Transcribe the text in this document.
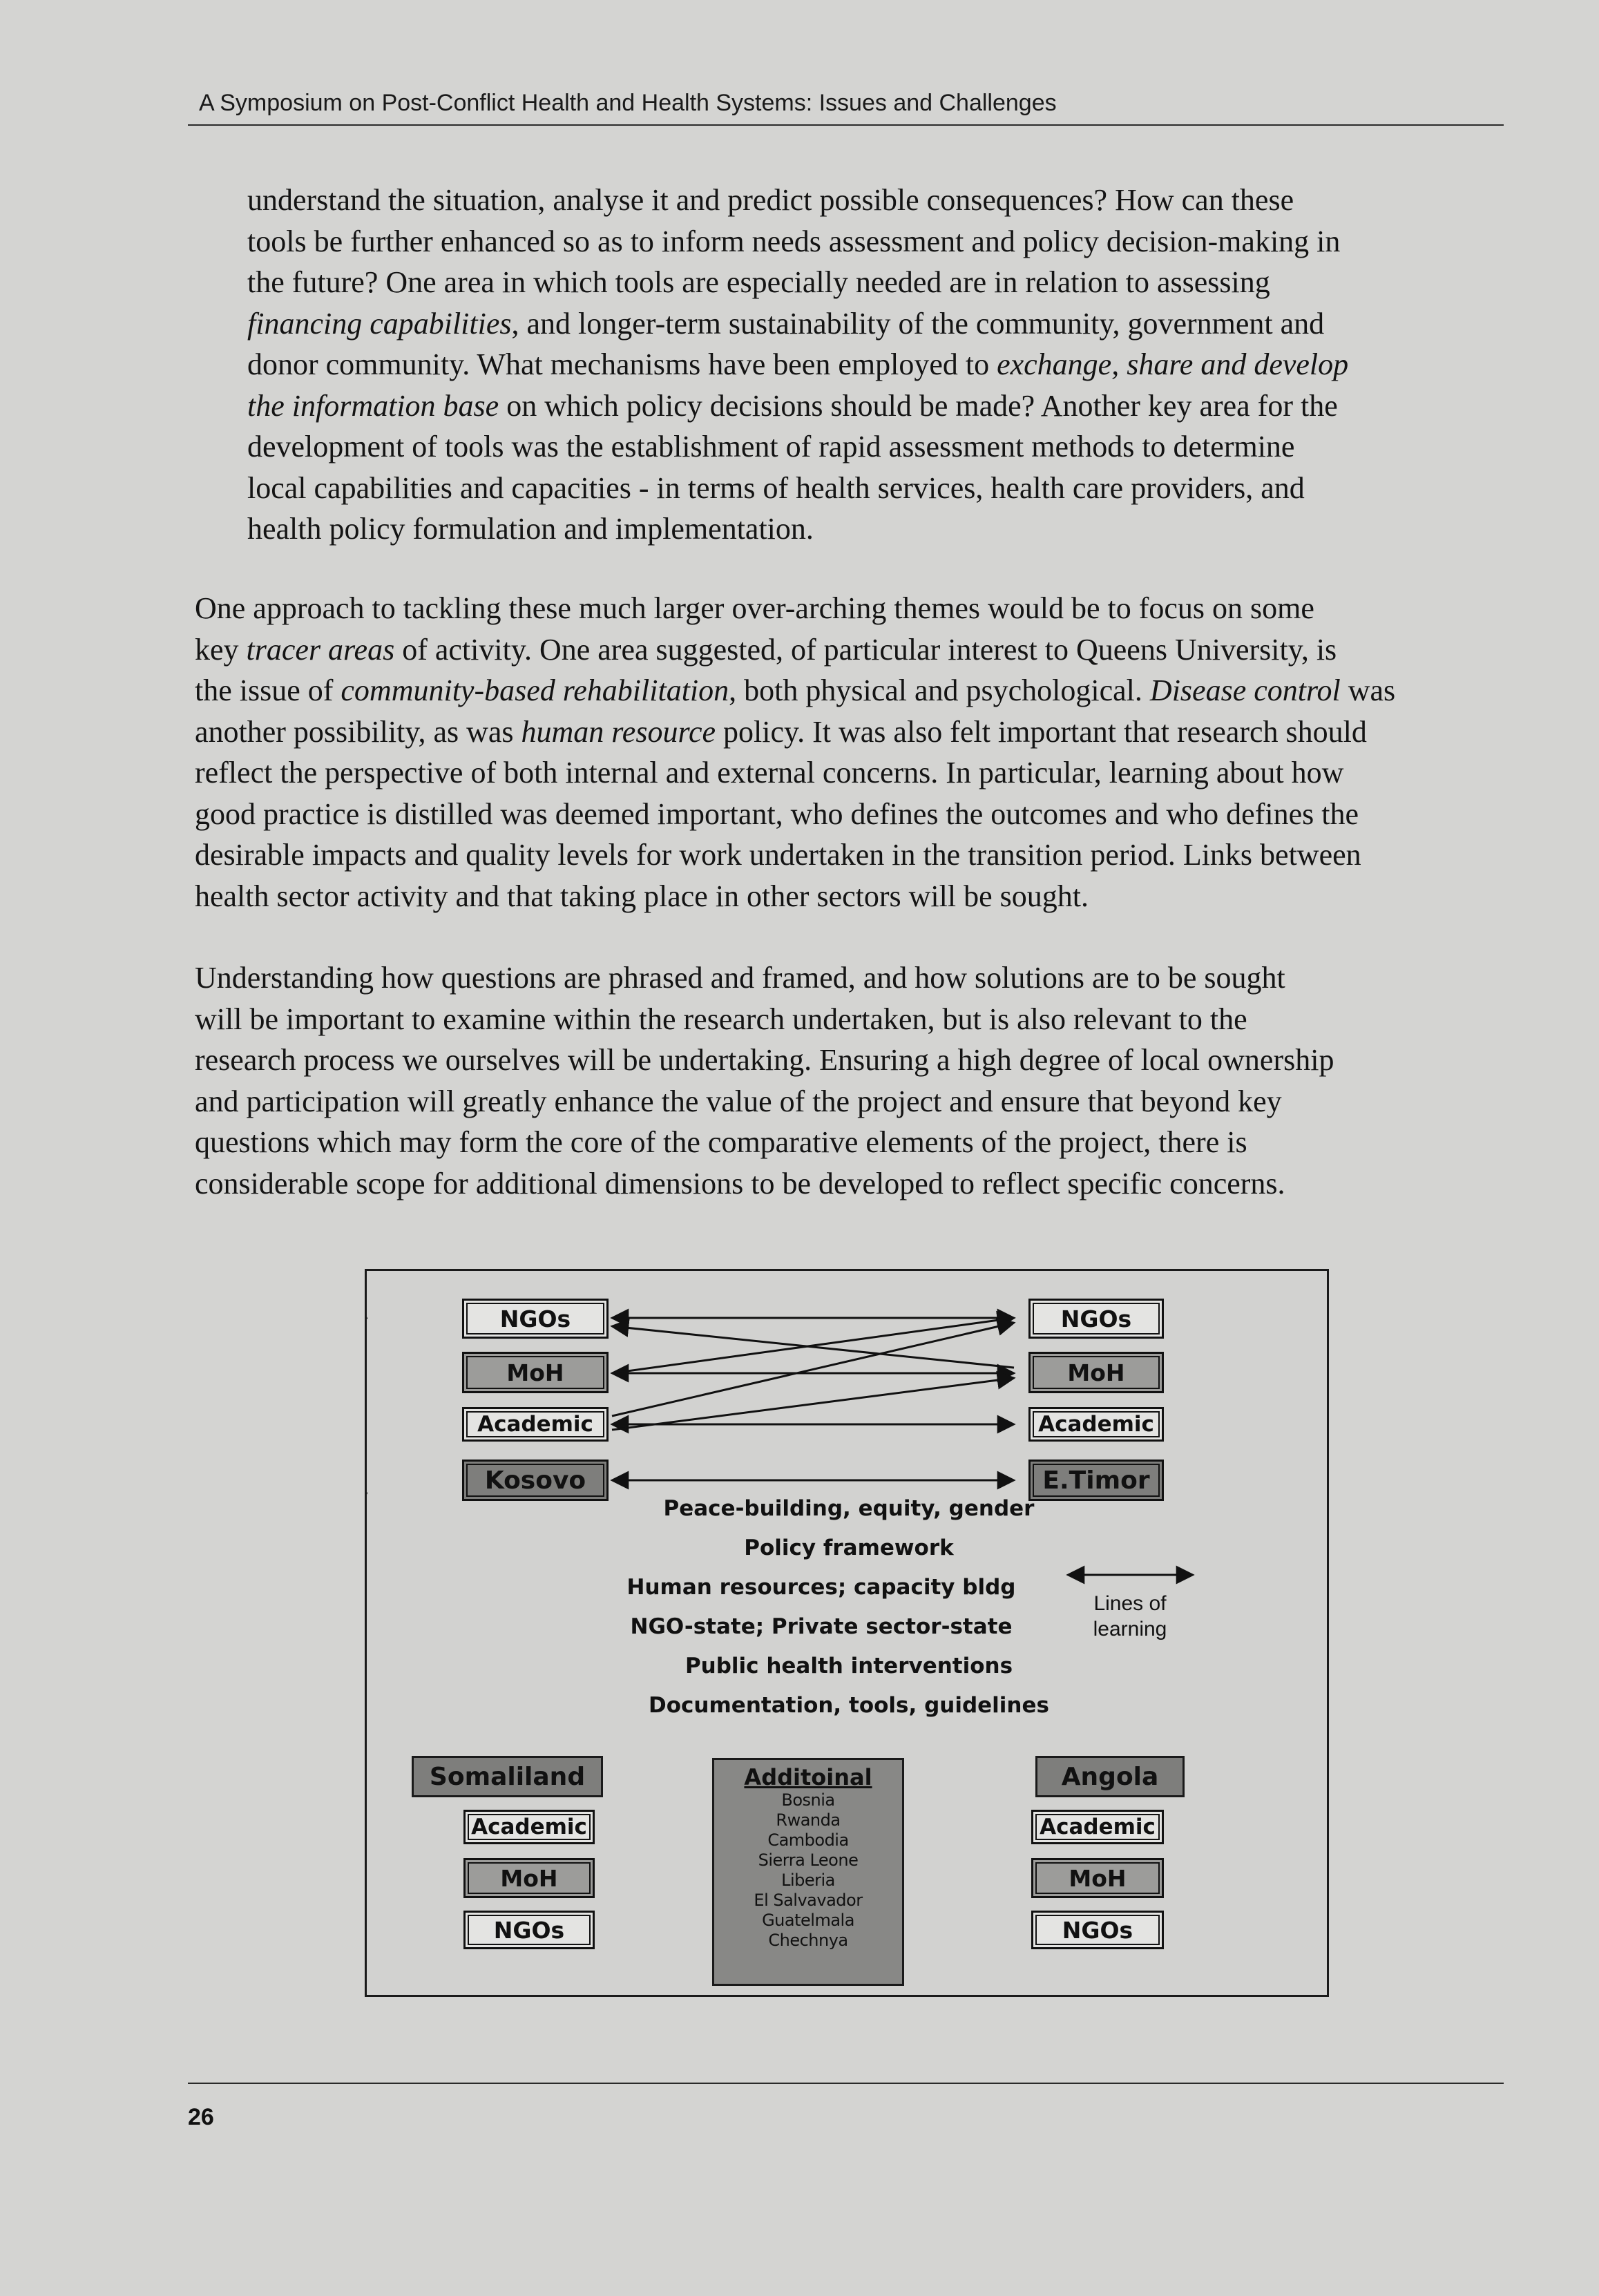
A Symposium on Post-Conflict Health and Health Systems: Issues and Challenges
understand the situation, analyse it and predict possible consequences? How can these
tools be further enhanced so as to inform needs assessment and policy decision-making in
the future? One area in which tools are especially needed are in relation to assessing
financing capabilities, and longer-term sustainability of the community, government and
donor community. What mechanisms have been employed to exchange, share and develop
the information base on which policy decisions should be made? Another key area for the
development of tools was the establishment of rapid assessment methods to determine
local capabilities and capacities - in terms of health services, health care providers, and
health policy formulation and implementation.
One approach to tackling these much larger over-arching themes would be to focus on some
key tracer areas of activity. One area suggested, of particular interest to Queens University, is
the issue of community-based rehabilitation, both physical and psychological. Disease control was
another possibility, as was human resource policy. It was also felt important that research should
reflect the perspective of both internal and external concerns. In particular, learning about how
good practice is distilled was deemed important, who defines the outcomes and who defines the
desirable impacts and quality levels for work undertaken in the transition period. Links between
health sector activity and that taking place in other sectors will be sought.
Understanding how questions are phrased and framed, and how solutions are to be sought
will be important to examine within the research undertaken, but is also relevant to the
research process we ourselves will be undertaking. Ensuring a high degree of local ownership
and participation will greatly enhance the value of the project and ensure that beyond key
questions which may form the core of the comparative elements of the project, there is
considerable scope for additional dimensions to be developed to reflect specific concerns.
NGOs
MoH
Academic
Kosovo
NGOs
MoH
Academic
E.Timor
Peace-building, equity, gender
Policy framework
Human resources; capacity bldg
NGO-state; Private sector-state
Public health interventions
Documentation, tools, guidelines
Lines of
learning
Somaliland
Academic
MoH
NGOs
Additoinal
Bosnia
Rwanda
Cambodia
Sierra Leone
Liberia
El Salvavador
Guatelmala
Chechnya
Angola
Academic
MoH
NGOs
26
